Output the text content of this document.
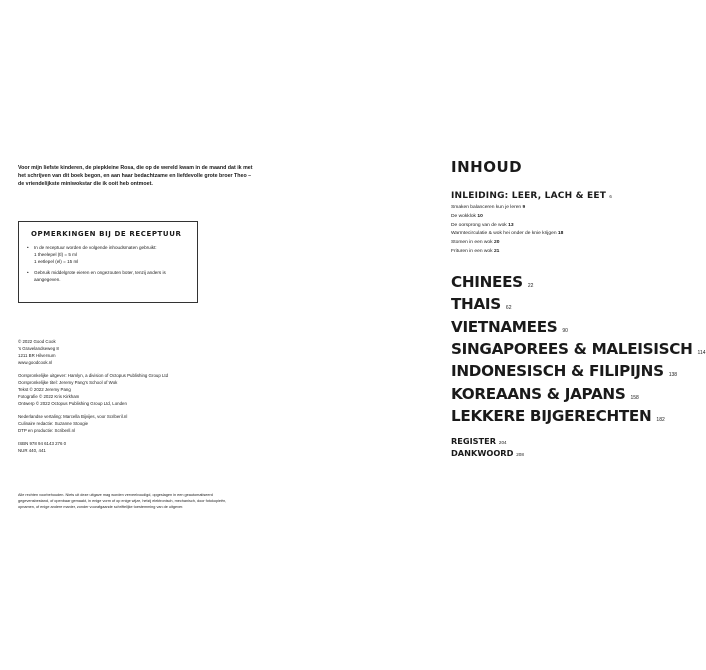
Voor mijn liefste kinderen, de piepkleine Rosa, die op de wereld kwam in de maand dat ik met het schrijven van dit boek begon, en aan haar bedachtzame en liefdevolle grote broer Theo – de vriendelijkste miniwokstar die ik ooit heb ontmoet.
OPMERKINGEN BIJ DE RECEPTUUR
• In de receptuur worden de volgende inhoudsmaten gebruikt:
1 theelepel (tl) = 5 ml
1 eetlepel (el) = 15 ml
• Gebruik middelgrote eieren en ongezouten boter, tenzij anders is aangegeven.
© 2022 Good Cook
's Gravelandseweg 8
1211 BR Hilversum
www.goodcook.nl
Oorspronkelijke uitgever: Hamlyn, a division of Octopus Publishing Group Ltd
Oorspronkelijke titel: Jeremy Pang's School of Wok
Tekst © 2022 Jeremy Pang
Fotografie © 2022 Kris Kirkham
Ontwerp © 2022 Octopus Publishing Group Ltd, Londen
Nederlandse vertaling: Marcella Bijvijes, voor Scriberil.nl
Culinaire redactie: Suzanne Stoogie
DTP en productie: Scriberil.nl
ISBN 978 94 6143 276 0
NUR 440, 441
Alle rechten voorbehouden. Niets uit deze uitgave mag worden verveelvoudigd, opgeslagen in een geautomatiseerd gegevensbestand, of openbaar gemaakt, in enige vorm of op enige wijze, hetzij elektronisch, mechanisch, door fotokopieën, opnamen, of enige andere manier, zonder voorafgaande schriftelijke toestemming van de uitgever.
INHOUD
INLEIDING: LEER, LACH & EET 6
Smaken balanceren kun je leren 9
De wokklok 10
De oorsprong van de wok 13
Warmtecirculatie & wok hei onder de knie krijgen 18
Stomen in een wok 20
Frituren in een wok 21
CHINEES 22
THAIS 62
VIETNAMEES 90
SINGAPOREES & MALEISISCH 114
INDONESISCH & FILIPIJNS 138
KOREAANS & JAPANS 158
LEKKERE BIJGERECHTEN 182
REGISTER 204
DANKWOORD 208
